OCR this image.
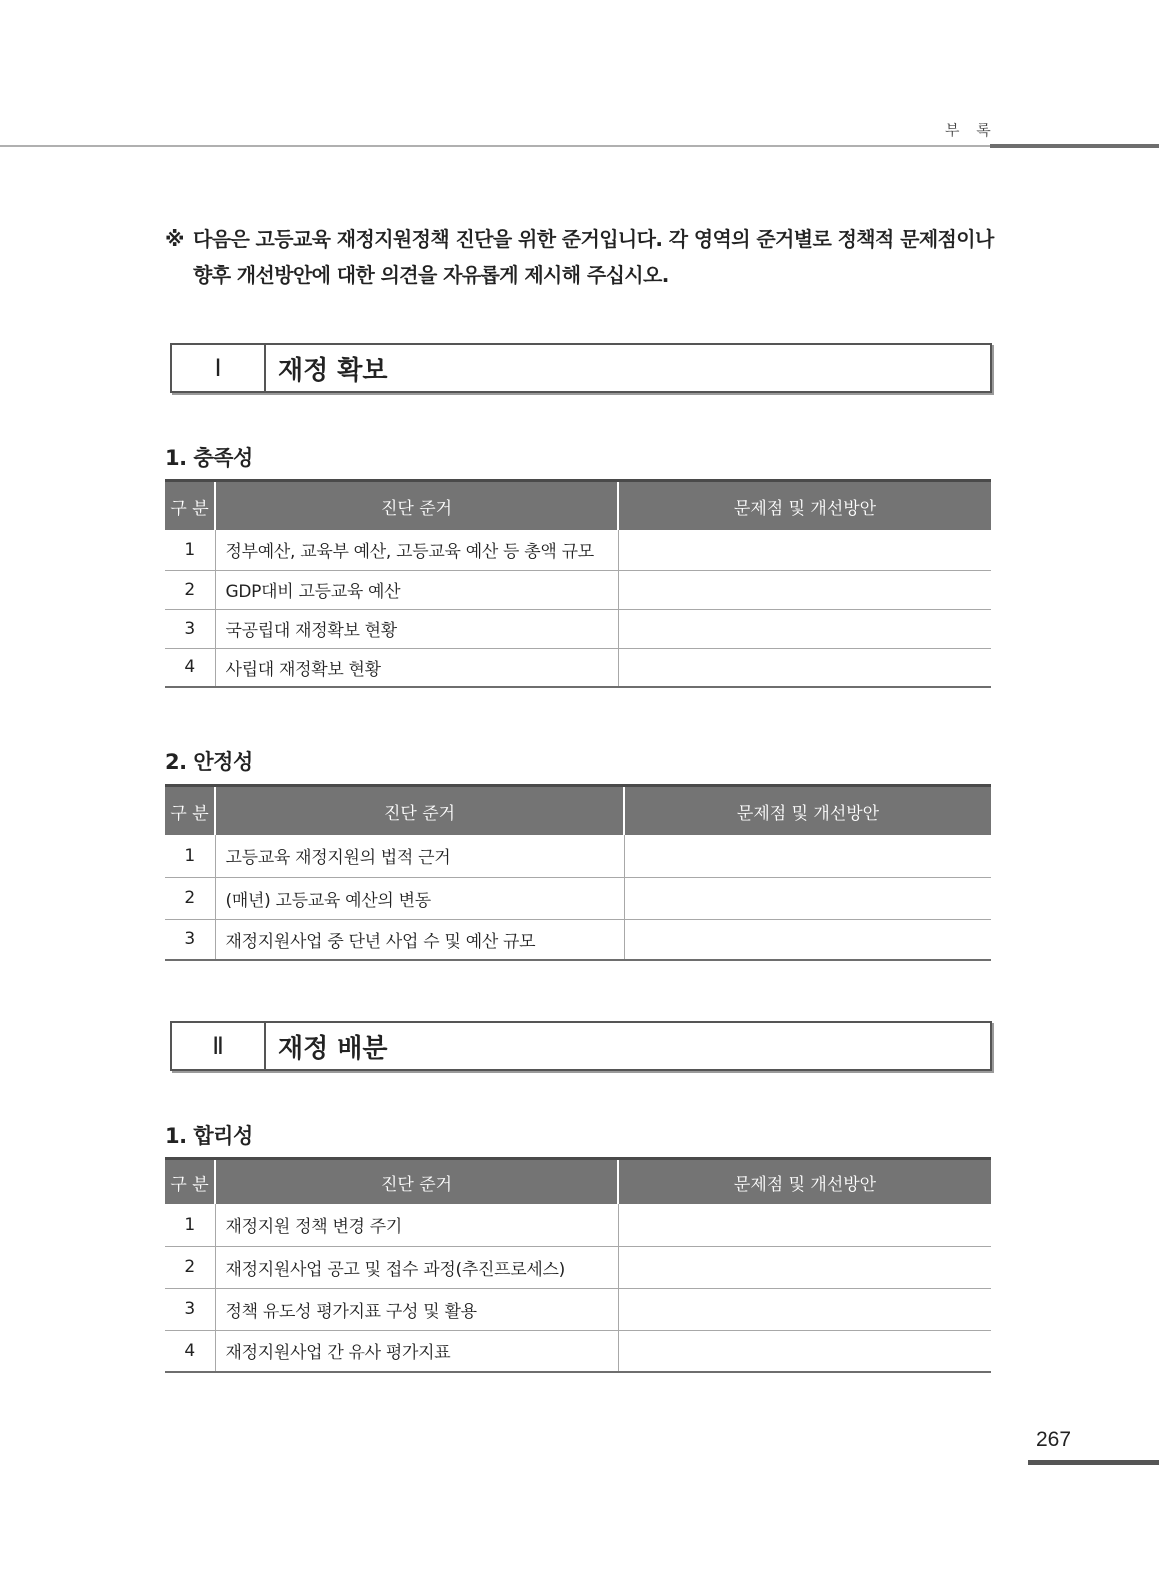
부 록
※ 다음은 고등교육 재정지원정책 진단을 위한 준거입니다. 각 영역의 준거별로 정책적 문제점이나
향후 개선방안에 대한 의견을 자유롭게 제시해 주십시오.
Ⅰ	재정 확보
1. 충족성
구 분	진단 준거	문제점 및 개선방안
1	정부예산, 교육부 예산, 고등교육 예산 등 총액 규모	
2	GDP대비 고등교육 예산	
3	국공립대 재정확보 현황	
4	사립대 재정확보 현황	
2. 안정성
구 분	진단 준거	문제점 및 개선방안
1	고등교육 재정지원의 법적 근거	
2	(매년) 고등교육 예산의 변동	
3	재정지원사업 중 단년 사업 수 및 예산 규모	
Ⅱ	재정 배분
1. 합리성
구 분	진단 준거	문제점 및 개선방안
1	재정지원 정책 변경 주기	
2	재정지원사업 공고 및 접수 과정(추진프로세스)	
3	정책 유도성 평가지표 구성 및 활용	
4	재정지원사업 간 유사 평가지표	
267
